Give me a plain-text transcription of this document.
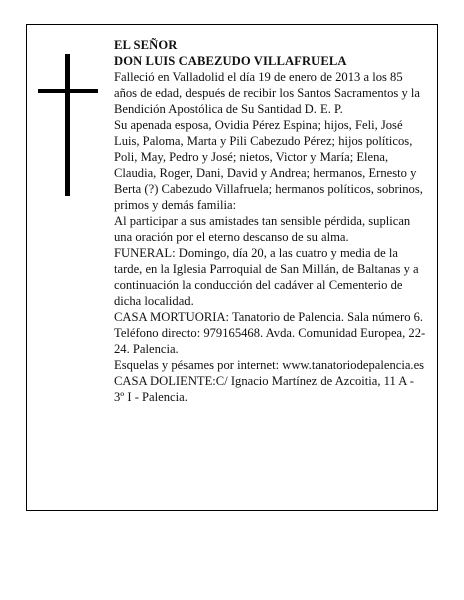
EL SEÑOR

DON LUIS CABEZUDO VILLAFRUELA

Falleció en Valladolid el día 19 de enero de 2013 a los 85 años de edad, después de recibir los Santos Sacramentos y la Bendición Apostólica de Su Santidad D. E. P.

Su apenada esposa, Ovidia Pérez Espina; hijos, Feli, José Luis, Paloma, Marta y Pili Cabezudo Pérez; hijos políticos, Poli, May, Pedro y José; nietos, Victor y María; Elena, Claudia, Roger, Dani, David y Andrea; hermanos, Ernesto y Berta (?) Cabezudo Villafruela; hermanos políticos, sobrinos, primos y demás familia:

Al participar a sus amistades tan sensible pérdida, suplican una oración por el eterno descanso de su alma.

FUNERAL: Domingo, día 20, a las cuatro y media de la tarde, en la Iglesia Parroquial de San Millán, de Baltanas y a continuación la conducción del cadáver al Cementerio de dicha localidad.

CASA MORTUORIA: Tanatorio de Palencia. Sala número 6. Teléfono directo: 979165468. Avda. Comunidad Europea, 22-24. Palencia.

Esquelas y pésames por internet: www.tanatoriodepalencia.es

CASA DOLIENTE:C/ Ignacio Martínez de Azcoitia, 11 A - 3º I - Palencia.
